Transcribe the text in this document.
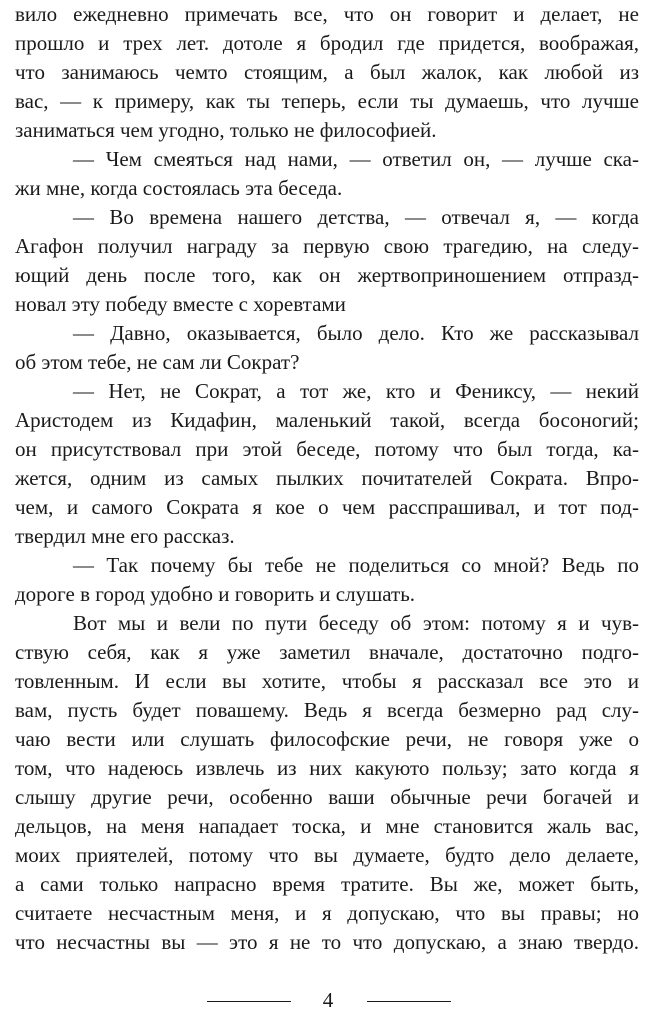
вило ежедневно примечать все, что он говорит и делает, не
прошло и трех лет. дотоле я бродил где придется, воображая,
что занимаюсь чемто стоящим, а был жалок, как любой из
вас, — к примеру, как ты теперь, если ты думаешь, что лучше
заниматься чем угодно, только не философией.
— Чем смеяться над нами, — ответил он, — лучше ска-
жи мне, когда состоялась эта беседа.
— Во времена нашего детства, — отвечал я, — когда
Агафон получил награду за первую свою трагедию, на следу-
ющий день после того, как он жертвоприношением отпразд-
новал эту победу вместе с хоревтами
— Давно, оказывается, было дело. Кто же рассказывал
об этом тебе, не сам ли Сократ?
— Нет, не Сократ, а тот же, кто и Фениксу, — некий
Аристодем из Кидафин, маленький такой, всегда босоногий;
он присутствовал при этой беседе, потому что был тогда, ка-
жется, одним из самых пылких почитателей Сократа. Впро-
чем, и самого Сократа я кое о чем расспрашивал, и тот под-
твердил мне его рассказ.
— Так почему бы тебе не поделиться со мной? Ведь по
дороге в город удобно и говорить и слушать.
Вот мы и вели по пути беседу об этом: потому я и чув-
ствую себя, как я уже заметил вначале, достаточно подго-
товленным. И если вы хотите, чтобы я рассказал все это и
вам, пусть будет повашему. Ведь я всегда безмерно рад слу-
чаю вести или слушать философские речи, не говоря уже о
том, что надеюсь извлечь из них какуюто пользу; зато когда я
слышу другие речи, особенно ваши обычные речи богачей и
дельцов, на меня нападает тоска, и мне становится жаль вас,
моих приятелей, потому что вы думаете, будто дело делаете,
а сами только напрасно время тратите. Вы же, может быть,
считаете несчастным меня, и я допускаю, что вы правы; но
что несчастны вы — это я не то что допускаю, а знаю твердо.
4
